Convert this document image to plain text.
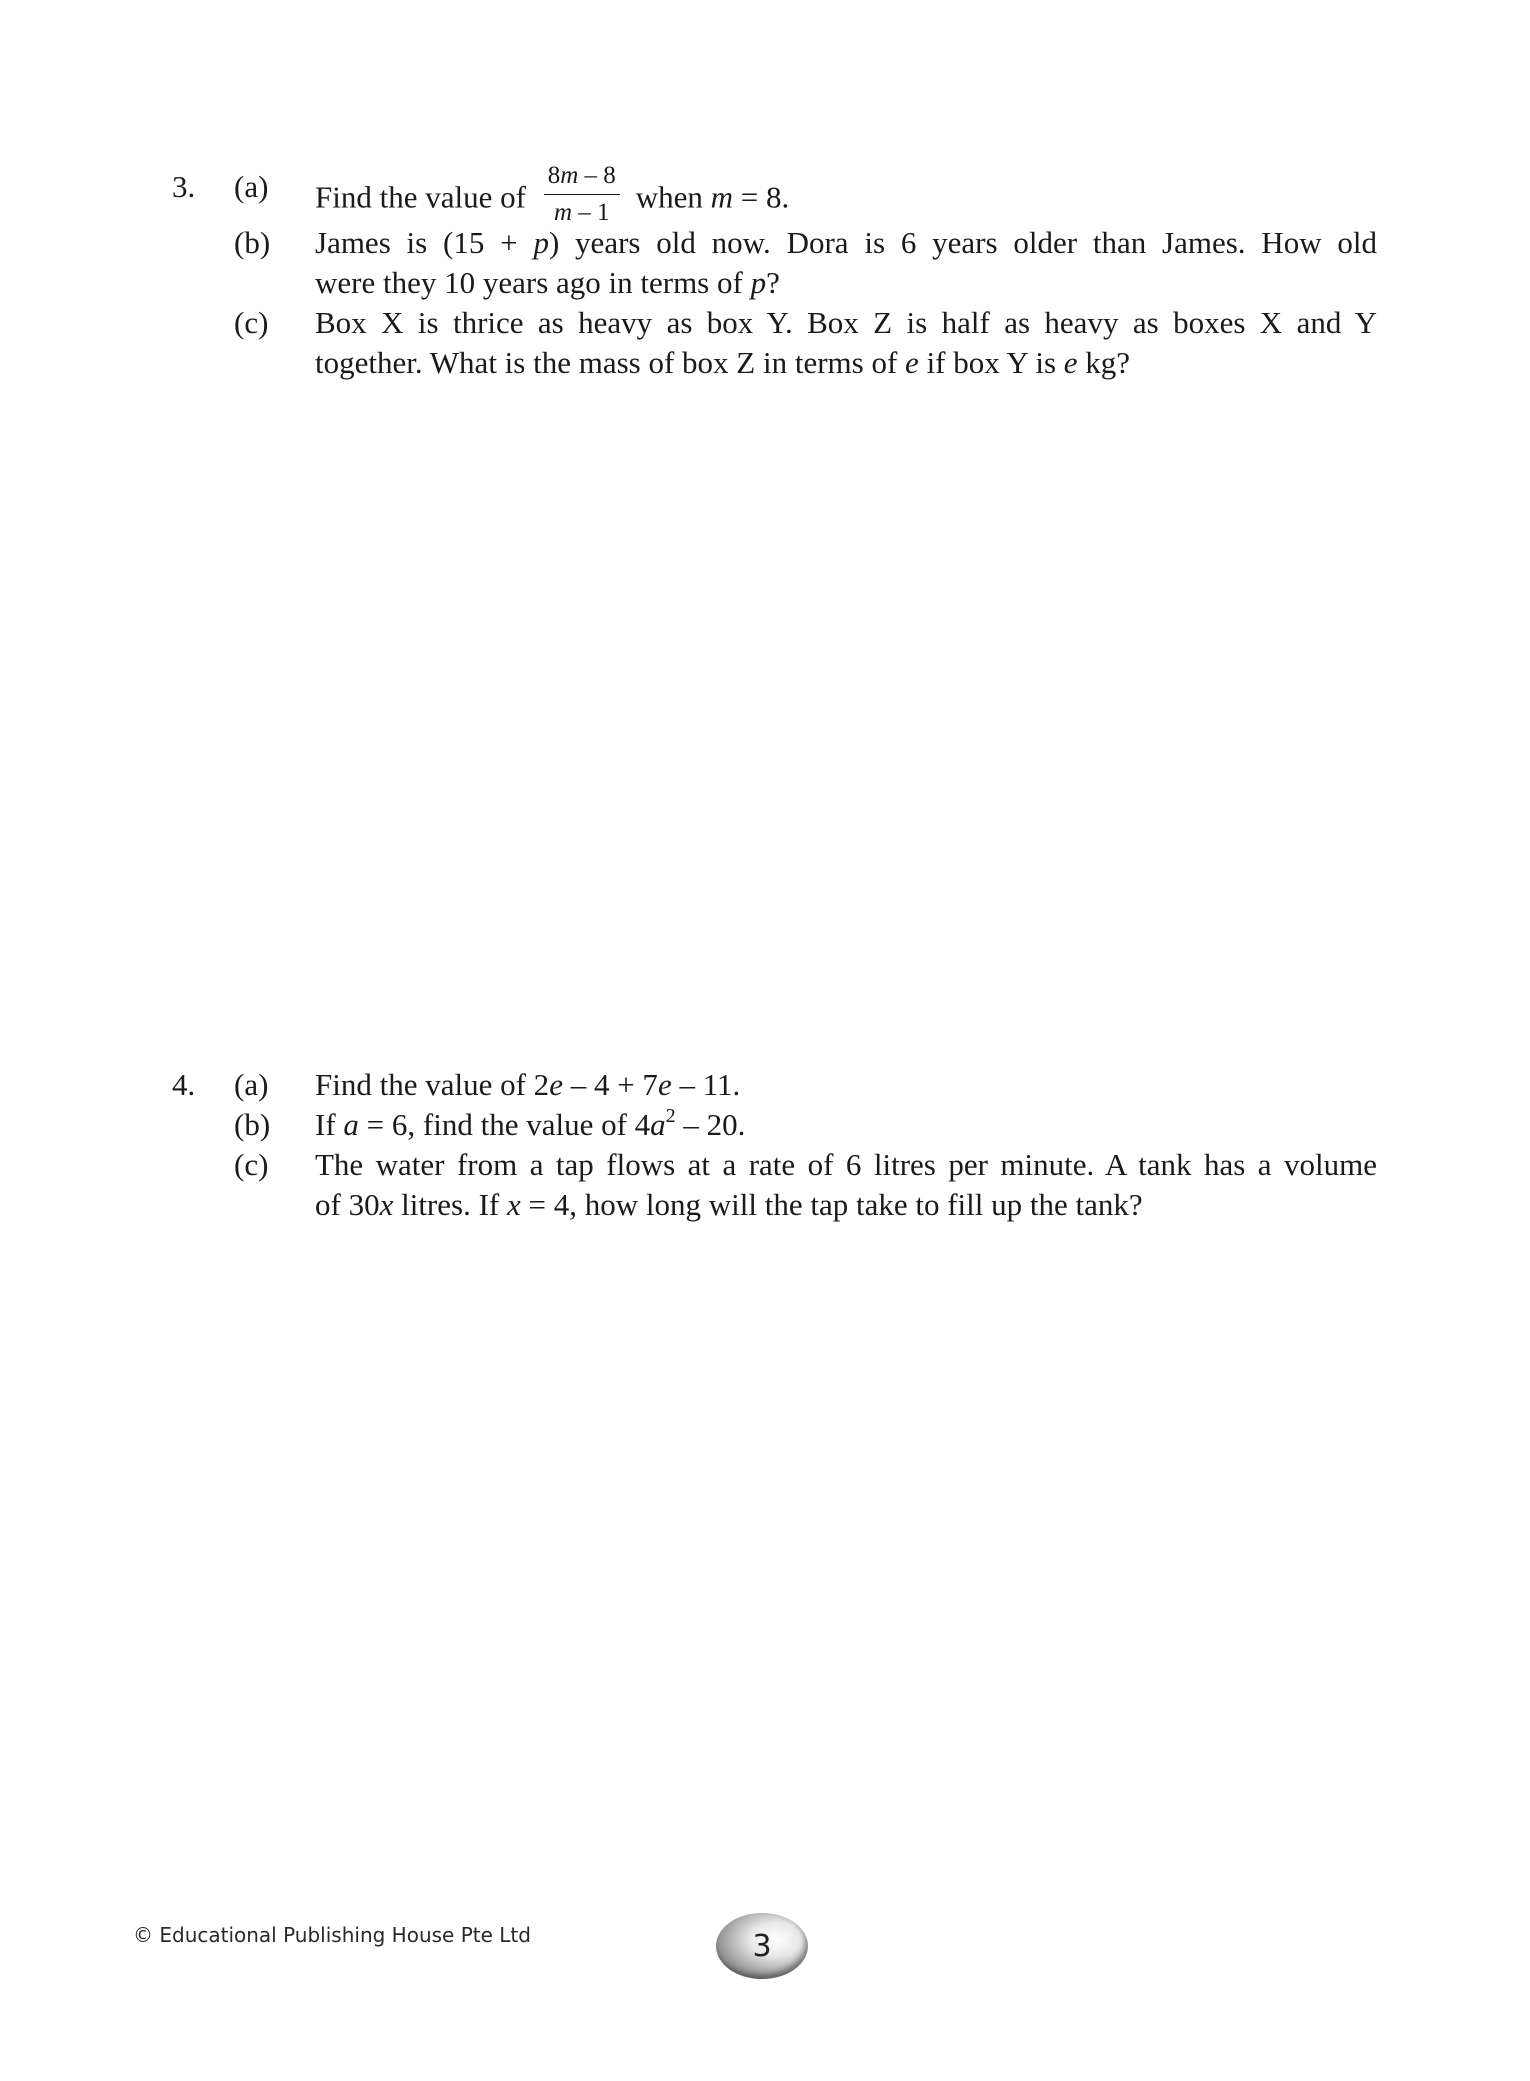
3. (a) Find the value of $\frac{8m - 8}{m - 1}$ when m = 8.
(b) James is (15 + p) years old now. Dora is 6 years older than James. How old
were they 10 years ago in terms of p?
(c) Box X is thrice as heavy as box Y. Box Z is half as heavy as boxes X and Y
together. What is the mass of box Z in terms of e if box Y is e kg?
4. (a) Find the value of 2e – 4 + 7e – 11.
(b) If a = 6, find the value of $4a^2 - 20$.
(c) The water from a tap flows at a rate of 6 litres per minute. A tank has a volume
of 30x litres. If x = 4, how long will the tap take to fill up the tank?
© Educational Publishing House Pte Ltd	3
